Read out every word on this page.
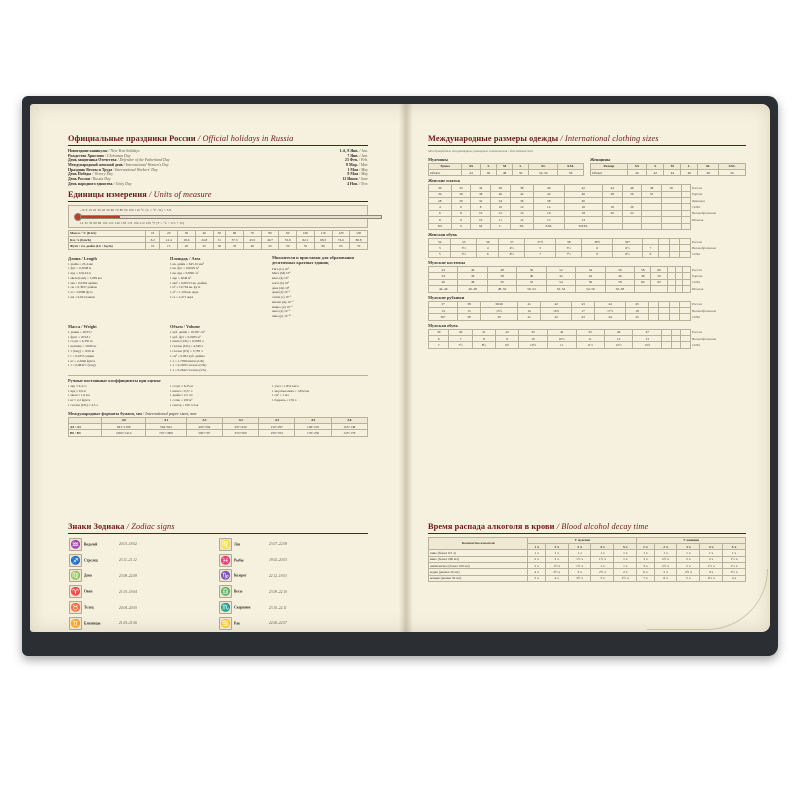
Официальные праздники России / Official holidays in Russia
Новогодние каникулы / New Year holidays	1–6, 8 Янв. / Jan.
Рождество Христово / Christmas Day	7 Янв. / Jan.
День защитника Отечества / Defender of the Fatherland Day	23 Фев. / Feb.
Международный женский день / International Women's Day	8 Мар. / Mar.
Праздник Весны и Труда / International Workers' Day	1 Мая / May
День Победы / Victory Day	9 Мая / May
День России / Russia Day	12 Июня / June
День народного единства / Unity Day	4 Ноя. / Nov.
Единицы измерения / Units of measure
-10 0 10 20 30 40 50 60 70 80 90 100 110 °C (C = °F–32) × 5/9
14 32 50 68 86 104 122 140 158 176 194 212 230 °F (F = °C × 9/5 + 32)
Масса / °C (KGS)	10	20	30	40	50	60	70	80	90	100	110	120	130
Км / ч (Km/h)	6.2	12.4	18.6	24.8	31	37.3	43.5	49.7	55.9	62.1	68.3	74.6	80.8
Фунт / см. дюйм (Lb / Sq.In)	10	15	20	25	30	35	40	45	50	55	60	65	70
Длина / Length
1 дюйм = 25,4 мм
1 фут = 0,3048 м
1 ярд = 0,9144 м
1 миля (land) = 1,609 км
1 мм = 0,0394 дюйма
1 см = 0,3937 дюйма
1 м = 3,2808 фута
1 км = 0,6214 мили
Площадь / Area
1 кв. дюйм = 645,16 мм²
1 кв. фут = 0,0929 м²
1 кв. ярд = 0,8361 м²
1 акр = 4046 м²
1 мм² = 0,00155 кв. дюйма
1 м² = 10,764 кв. фута
1 м² = 1,196 кв. ярда
1 га = 2,471 акра
Множители и приставки для образования десятичных кратных единиц
Гига (G) 10⁹
Мега (M) 10⁶
кило (k) 10³
гекто (h) 10²
дека (da) 10¹
деци (d) 10⁻¹
санти (c) 10⁻²
милли (m) 10⁻³
микро (µ) 10⁻⁶
нано (n) 10⁻⁹
пико (p) 10⁻¹²
Масса / Weight
1 унция = 28,35 г
1 фунт = 453,6 г
1 стоун = 6,350 кг
1 центнер = 50,80 кг
1 т (long) = 1016 кг
1 г = 0,0353 унции
1 кг = 2,2046 фунта
1 т = 0,9842 т (long)
Объем / Volume
1 куб. дюйм = 16,387 см³
1 куб. фут = 0,0283 м³
1 пинта (UK) = 0,5683 л
1 галлон (UK) = 4,546 л
1 галлон (US) = 3,785 л
1 см³ = 0,061 куб. дюйма
1 л = 1,7598 пинты (UK)
1 л = 0,2200 галлона (UK)
1 л = 0,2642 галлона (US)
Ручные постоянные коэффициенты при оценке
1 акр ≈ 0,4 га
1 ярд ≈ 0,9 м
1 миля ≈ 1,6 км
1 кг ≈ 2,2 фунта
1 галлон (UK) ≈ 4,5 л
1 стоун ≈ 6,35 кг
1 пинта ≈ 0,57 л
1 дюйм ≈ 2,5 см
1 сотка = 100 м²
1 гектар = 100 соток
1 узел = 1,852 км/ч
1 морская миля = 1,852 км
1 см³ = 1 мл
1 баррель = 159 л
Международные форматы бумаги, мм / International paper sizes, mm
	A0	A1	A2	A3	A4	A5	A6
A0 / A3	841×1189	594×841	420×594	297×420	210×297	148×210	105×148
B0 / B3	1000×1414	707×1000	500×707	353×500	250×353	176×250	125×176
Знаки Зодиака / Zodiac signs
♒ Водолей	20.01–18.02	♌ Лев	23.07–22.08
♐ Стрелец	23.11–21.12	♓ Рыбы	19.02–20.03
♍ Дева	23.08–22.09	♑ Козерог	22.12–19.01
♈ Овен	21.03–19.04	♎ Весы	23.09–22.10
♉ Телец	20.04–20.05	♏ Скорпион	23.10–22.11
♊ Близнецы	21.05–21.06	♋ Рак	22.06–22.07
Международные размеры одежды / International clothing sizes
Международные межразмерные размерные соотношения / international sizes
Мужчины
Буква	XS	S	M	L	XL	XXL
Обхват	44	46	48	50	52–54	56
Женщины
Размер	XS	S	M	L	XL	XXL
Обхват	40	42	44	46	48	50
Женские платья
30	32	34	36	38	40	42	44	46	48	50		Россия
34	36	38	40	42	44	46	48	50	52			Европа
28	30	32	34	36	38	40						Франция
4	6	8	10	12	14	16	18	20				США
6	8	10	12	14	16	18	20	22				Великобритания
8	9	10	11	12	13	14						Италия
XS	S	M	L	XL	XXL	XXXL						
Женская обувь
34	35	36	37	37½	38	38½	39+					Россия
3	3½	4	4½	5	5½	6	6½	7				Великобритания
5	5½	6	6½	7	7½	8	8½	9				США
Мужские костюмы
44	46	48	50	52	54	56	58	60				Россия
34	36	38	40	42	44	46	48	50				Европа
46	48	50	52	54	56	58	60	62				США
44–46	46–48	48–50	50–52	52–54	54–56	56–58						Италия
Мужские рубашки
37	38	39/40	41	42	43	44	45					Россия
14	15	15½	16	16½	17	17½	18					Великобритания
36+	38	39	41	42	43	44	45					США
Мужская обувь
39	40	41	42	43	44	45	46	47				Россия
6	7	8	9	10	10½	11	12	13				Великобритания
7	7½	8½	9½	10½	11	11½	12½	13½				США
Время распада алкоголя в крови / Blood alcohol decay time
Количество алкоголя	У мужчин					У женщин				
	1 ч	2 ч	3 ч	4 ч	5 ч	1 ч	2 ч	3 ч	4 ч	5 ч
пиво (бокал 0,5 л)	1 ч	1 ч	1 ч	1 ч	1 ч	1 ч	1 ч	1 ч	1 ч	1 ч
вино (бокал 200 мл)	2 ч	2 ч	1½ ч	1½ ч	1 ч	3 ч	2½ ч	2 ч	2 ч	1½ ч
шампанское (бокал 100 мл)	2 ч	1½ ч	1½ ч	1 ч	1 ч	3 ч	2½ ч	2 ч	1½ ч	1½ ч
водка (рюмка 50 мл)	4 ч	3½ ч	3 ч	2½ ч	2 ч	6 ч	5 ч	4½ ч	4 ч	3½ ч
коньяк (рюмка 50 мл)	5 ч	4 ч	3½ ч	3 ч	2½ ч	7 ч	6 ч	5 ч	4½ ч	4 ч
